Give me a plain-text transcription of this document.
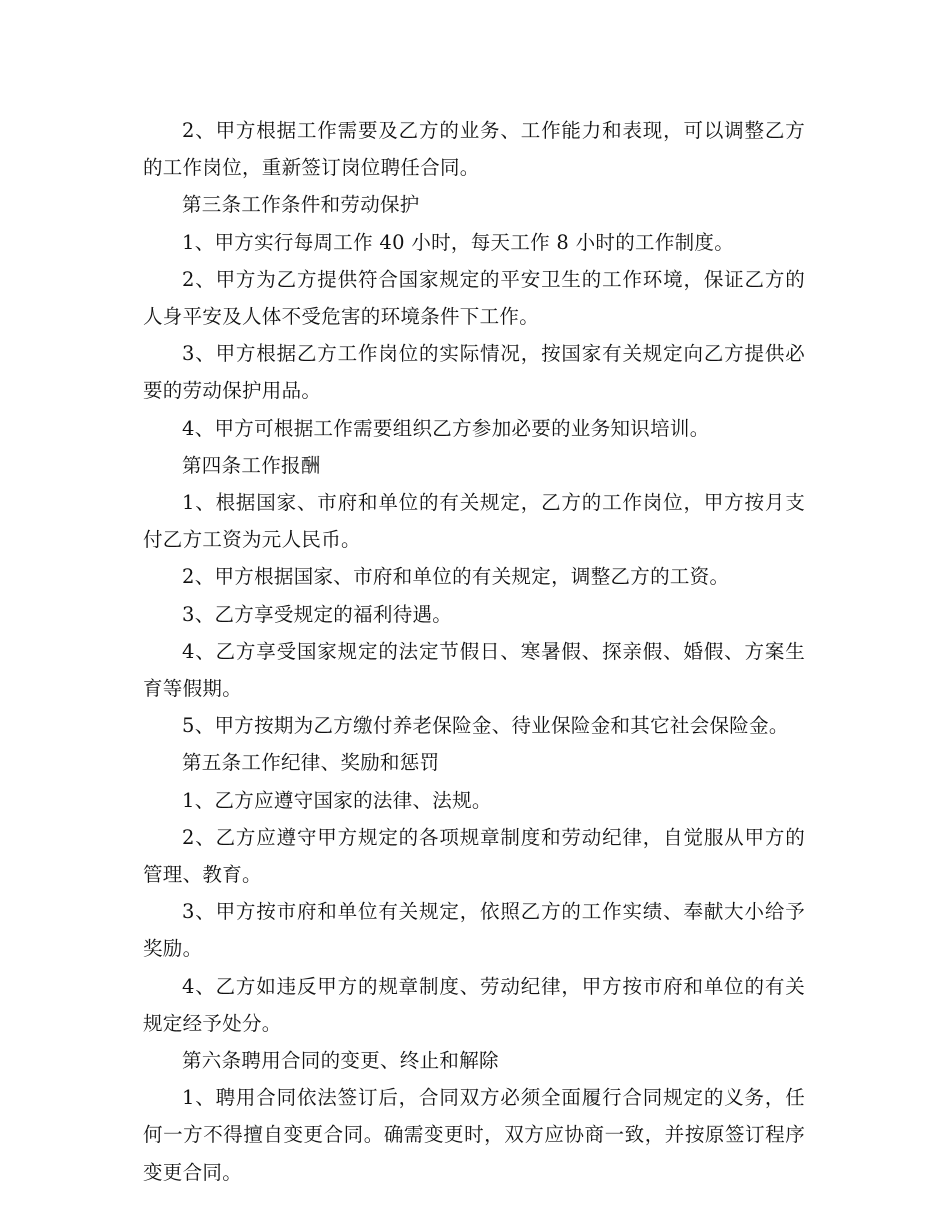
2、甲方根据工作需要及乙方的业务、工作能力和表现，可以调整乙方的工作岗位，重新签订岗位聘任合同。

第三条工作条件和劳动保护

1、甲方实行每周工作 40 小时，每天工作 8 小时的工作制度。

2、甲方为乙方提供符合国家规定的平安卫生的工作环境，保证乙方的人身平安及人体不受危害的环境条件下工作。

3、甲方根据乙方工作岗位的实际情况，按国家有关规定向乙方提供必要的劳动保护用品。

4、甲方可根据工作需要组织乙方参加必要的业务知识培训。

第四条工作报酬

1、根据国家、市府和单位的有关规定，乙方的工作岗位，甲方按月支付乙方工资为元人民币。

2、甲方根据国家、市府和单位的有关规定，调整乙方的工资。

3、乙方享受规定的福利待遇。

4、乙方享受国家规定的法定节假日、寒暑假、探亲假、婚假、方案生育等假期。

5、甲方按期为乙方缴付养老保险金、待业保险金和其它社会保险金。

第五条工作纪律、奖励和惩罚

1、乙方应遵守国家的法律、法规。

2、乙方应遵守甲方规定的各项规章制度和劳动纪律，自觉服从甲方的管理、教育。

3、甲方按市府和单位有关规定，依照乙方的工作实绩、奉献大小给予奖励。

4、乙方如违反甲方的规章制度、劳动纪律，甲方按市府和单位的有关规定经予处分。

第六条聘用合同的变更、终止和解除

1、聘用合同依法签订后，合同双方必须全面履行合同规定的义务，任何一方不得擅自变更合同。确需变更时，双方应协商一致，并按原签订程序变更合同。
